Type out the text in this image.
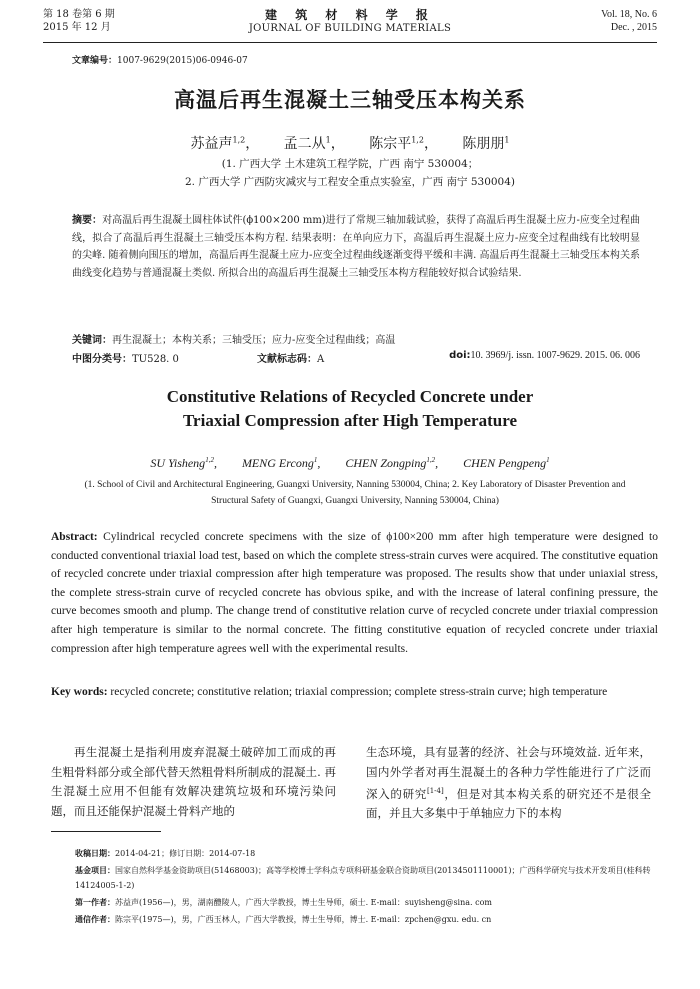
第 18 卷第 6 期
2015 年 12 月
建 筑 材 料 学 报
JOURNAL OF BUILDING MATERIALS
Vol. 18, No. 6
Dec. , 2015
文章编号：1007-9629(2015)06-0946-07
高温后再生混凝土三轴受压本构关系
苏益声$^{1,2}$， 孟二从$^1$， 陈宗平$^{1,2}$， 陈朋朋$^1$
(1. 广西大学 土木建筑工程学院，广西 南宁 530004；
2. 广西大学 广西防灾减灾与工程安全重点实验室，广西 南宁 530004)
摘要：对高温后再生混凝土圆柱体试件(ϕ100×200 mm)进行了常规三轴加载试验，获得了高温后再生混凝土应力-应变全过程曲线，拟合了高温后再生混凝土三轴受压本构方程. 结果表明：在单向应力下，高温后再生混凝土应力-应变全过程曲线有比较明显的尖峰. 随着侧向围压的增加，高温后再生混凝土应力-应变全过程曲线逐渐变得平缓和丰满. 高温后再生混凝土三轴受压本构关系曲线变化趋势与普通混凝土类似. 所拟合出的高温后再生混凝土三轴受压本构方程能较好拟合试验结果.
关键词：再生混凝土；本构关系；三轴受压；应力-应变全过程曲线；高温
中图分类号：TU528. 0	文献标志码：A	doi:10. 3969/j. issn. 1007-9629. 2015. 06. 006
Constitutive Relations of Recycled Concrete under
Triaxial Compression after High Temperature
SU Yisheng$^{1,2}$, MENG Ercong$^1$, CHEN Zongping$^{1,2}$, CHEN Pengpeng$^1$
(1. School of Civil and Architectural Engineering, Guangxi University, Nanning 530004, China; 2. Key Laboratory of Disaster Prevention and Structural Safety of Guangxi, Guangxi University, Nanning 530004, China)
Abstract: Cylindrical recycled concrete specimens with the size of ϕ100×200 mm after high temperature were designed to conducted conventional triaxial load test, based on which the complete stress-strain curves were acquired. The constitutive equation of recycled concrete under triaxial compression after high temperature was proposed. The results show that under uniaxial stress, the complete stress-strain curve of recycled concrete has obvious spike, and with the increase of lateral confining pressure, the curve becomes smooth and plump. The change trend of constitutive relation curve of recycled concrete under triaxial compression after high temperature is similar to the normal concrete. The fitting constitutive equation of recycled concrete under triaxial compression after high temperature agrees well with the experimental results.
Key words: recycled concrete; constitutive relation; triaxial compression; complete stress-strain curve; high temperature
再生混凝土是指利用废弃混凝土破碎加工而成的再生粗骨料部分或全部代替天然粗骨料所制成的混凝土. 再生混凝土应用不但能有效解决建筑垃圾和环境污染问题，而且还能保护混凝土骨料产地的
生态环境，具有显著的经济、社会与环境效益. 近年来，国内外学者对再生混凝土的各种力学性能进行了广泛而深入的研究[1-4]，但是对其本构关系的研究还不是很全面，并且大多集中于单轴应力下的本构

收稿日期：2014-04-21；修订日期：2014-07-18

基金项目：国家自然科学基金资助项目(51468003)；高等学校博士学科点专项科研基金联合资助项目(20134501110001)；广西科学研究与技术开发项目(桂科转 14124005-1-2)

第一作者：苏益声(1956—)，男，湖南醴陵人，广西大学教授，博士生导师，硕士. E-mail：suyisheng@sina. com

通信作者：陈宗平(1975—)，男，广西玉林人，广西大学教授，博士生导师，博士. E-mail：zpchen@gxu. edu. cn
